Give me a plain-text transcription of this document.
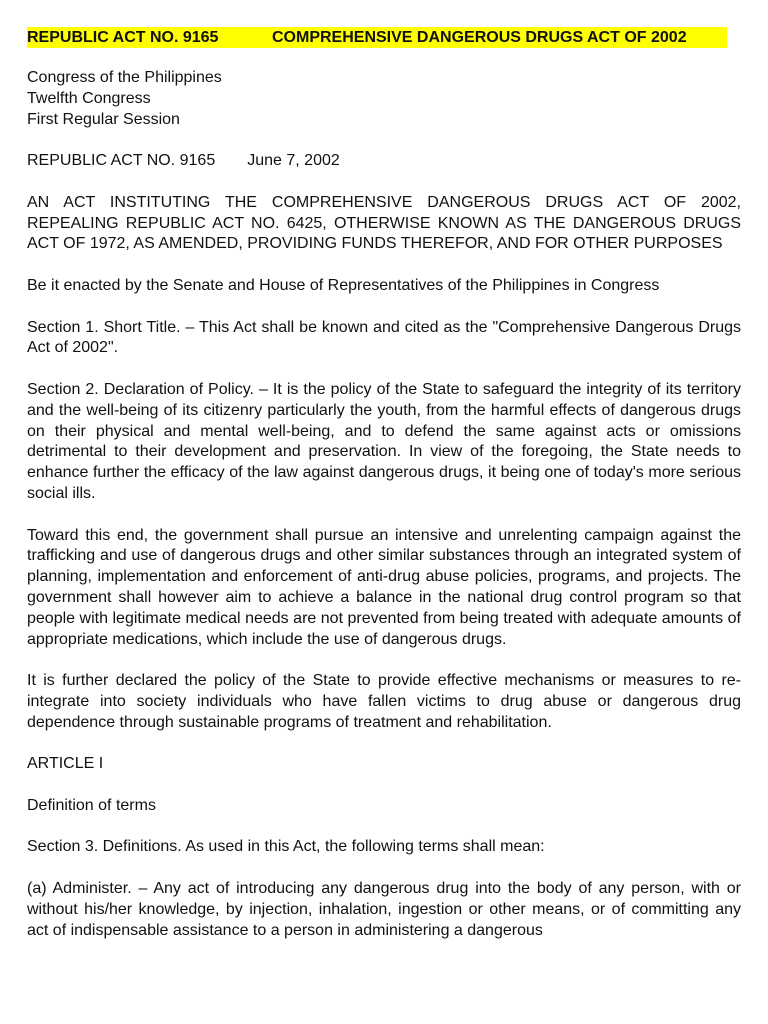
REPUBLIC ACT NO. 9165	COMPREHENSIVE DANGEROUS DRUGS ACT OF 2002
Congress of the Philippines
Twelfth Congress
First Regular Session
REPUBLIC ACT NO. 9165 June 7, 2002

AN ACT INSTITUTING THE COMPREHENSIVE DANGEROUS DRUGS ACT OF 2002, REPEALING REPUBLIC ACT NO. 6425, OTHERWISE KNOWN AS THE DANGEROUS DRUGS ACT OF 1972, AS AMENDED, PROVIDING FUNDS THEREFOR, AND FOR OTHER PURPOSES

Be it enacted by the Senate and House of Representatives of the Philippines in Congress

Section 1. Short Title. – This Act shall be known and cited as the "Comprehensive Dangerous Drugs Act of 2002".

Section 2. Declaration of Policy. – It is the policy of the State to safeguard the integrity of its territory and the well-being of its citizenry particularly the youth, from the harmful effects of dangerous drugs on their physical and mental well-being, and to defend the same against acts or omissions detrimental to their development and preservation. In view of the foregoing, the State needs to enhance further the efficacy of the law against dangerous drugs, it being one of today's more serious social ills.

Toward this end, the government shall pursue an intensive and unrelenting campaign against the trafficking and use of dangerous drugs and other similar substances through an integrated system of planning, implementation and enforcement of anti-drug abuse policies, programs, and projects. The government shall however aim to achieve a balance in the national drug control program so that people with legitimate medical needs are not prevented from being treated with adequate amounts of appropriate medications, which include the use of dangerous drugs.

It is further declared the policy of the State to provide effective mechanisms or measures to re-integrate into society individuals who have fallen victims to drug abuse or dangerous drug dependence through sustainable programs of treatment and rehabilitation.

ARTICLE I

Definition of terms

Section 3. Definitions. As used in this Act, the following terms shall mean:

(a) Administer. – Any act of introducing any dangerous drug into the body of any person, with or without his/her knowledge, by injection, inhalation, ingestion or other means, or of committing any act of indispensable assistance to a person in administering a dangerous
